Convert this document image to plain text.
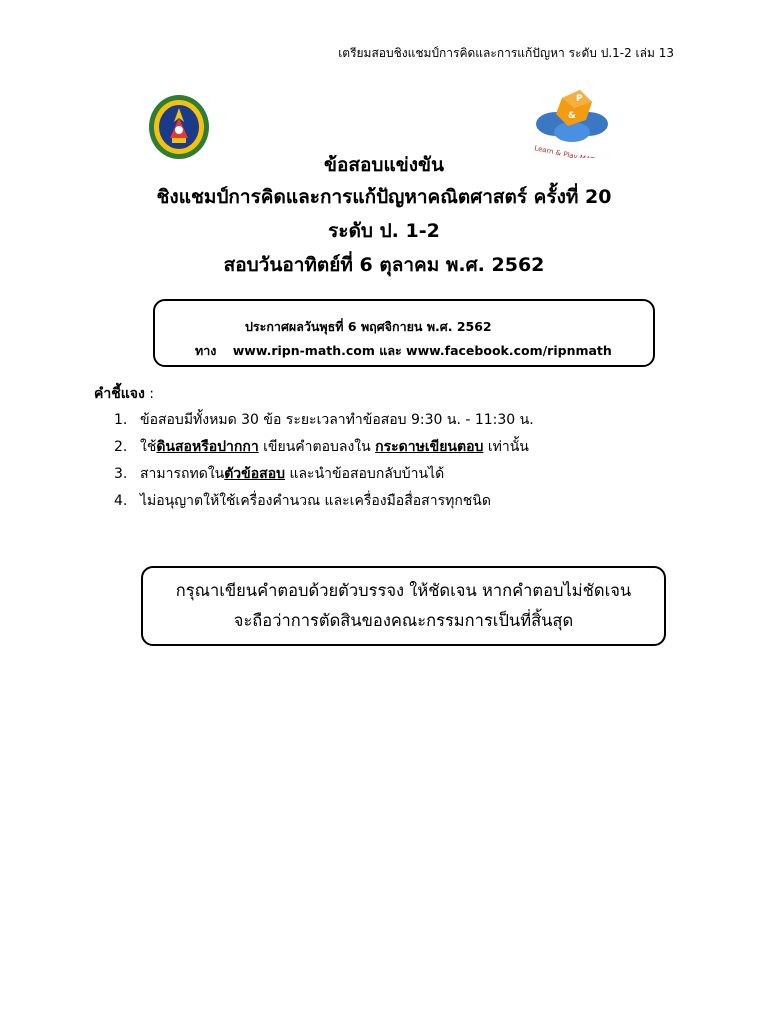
เตรียมสอบชิงแชมป์การคิดและการแก้ปัญหา ระดับ ป.1-2 เล่ม 13
P
&
Learn & Play MATHGROUP
ข้อสอบแข่งขัน
ชิงแชมป์การคิดและการแก้ปัญหาคณิตศาสตร์ ครั้งที่ 20
ระดับ ป. 1-2
สอบวันอาทิตย์ที่ 6 ตุลาคม พ.ศ. 2562
ประกาศผลวันพุธที่ 6 พฤศจิกายน พ.ศ. 2562
ทาง www.ripn-math.com และ www.facebook.com/ripnmath
คำชี้แจง :
1. ข้อสอบมีทั้งหมด 30 ข้อ ระยะเวลาทำข้อสอบ 9:30 น. - 11:30 น.
2. ใช้ดินสอหรือปากกา เขียนคำตอบลงใน กระดาษเขียนตอบ เท่านั้น
3. สามารถทดในตัวข้อสอบ และนำข้อสอบกลับบ้านได้
4. ไม่อนุญาตให้ใช้เครื่องคำนวณ และเครื่องมือสื่อสารทุกชนิด
กรุณาเขียนคำตอบด้วยตัวบรรจง ให้ชัดเจน หากคำตอบไม่ชัดเจน
จะถือว่าการตัดสินของคณะกรรมการเป็นที่สิ้นสุด
